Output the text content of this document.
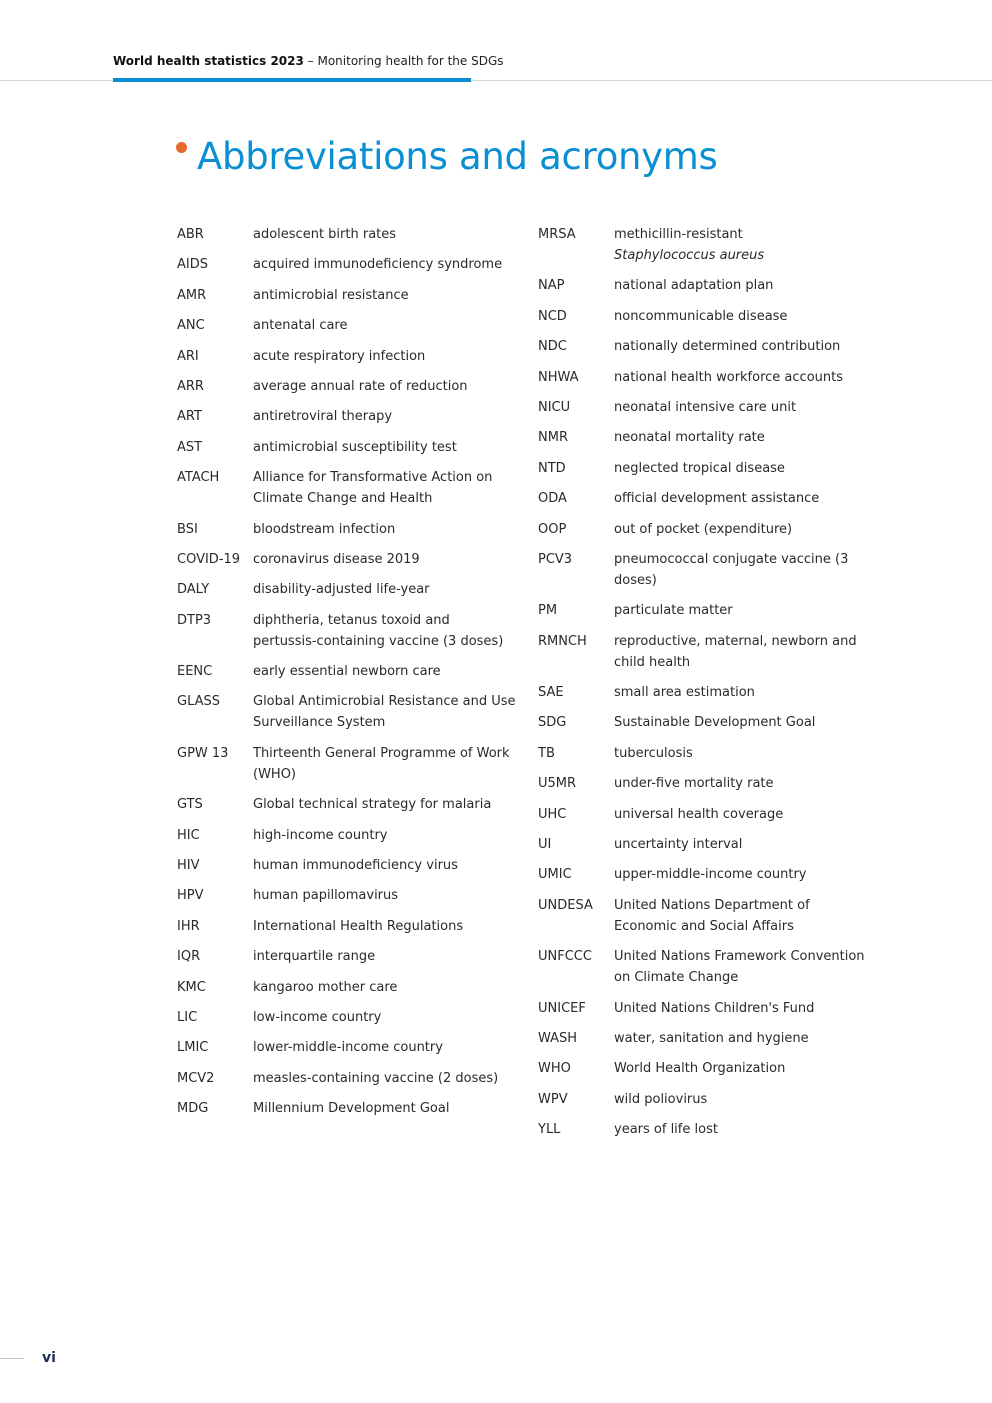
World health statistics 2023 – Monitoring health for the SDGs
Abbreviations and acronyms
ABR	adolescent birth rates
AIDS	acquired immunodeficiency syndrome
AMR	antimicrobial resistance
ANC	antenatal care
ARI	acute respiratory infection
ARR	average annual rate of reduction
ART	antiretroviral therapy
AST	antimicrobial susceptibility test
ATACH	Alliance for Transformative Action on Climate Change and Health
BSI	bloodstream infection
COVID-19 coronavirus disease 2019
DALY	disability-adjusted life-year
DTP3	diphtheria, tetanus toxoid and pertussis-containing vaccine (3 doses)
EENC	early essential newborn care
GLASS	Global Antimicrobial Resistance and Use Surveillance System
GPW 13	Thirteenth General Programme of Work (WHO)
GTS	Global technical strategy for malaria
HIC	high-income country
HIV	human immunodeficiency virus
HPV	human papillomavirus
IHR	International Health Regulations
IQR	interquartile range
KMC	kangaroo mother care
LIC	low-income country
LMIC	lower-middle-income country
MCV2	measles-containing vaccine (2 doses)
MDG	Millennium Development Goal
MRSA	methicillin-resistant
Staphylococcus aureus
NAP	national adaptation plan
NCD	noncommunicable disease
NDC	nationally determined contribution
NHWA	national health workforce accounts
NICU	neonatal intensive care unit
NMR	neonatal mortality rate
NTD	neglected tropical disease
ODA	official development assistance
OOP	out of pocket (expenditure)
PCV3	pneumococcal conjugate vaccine (3 doses)
PM	particulate matter
RMNCH	reproductive, maternal, newborn and child health
SAE	small area estimation
SDG	Sustainable Development Goal
TB	tuberculosis
U5MR	under-five mortality rate
UHC	universal health coverage
UI	uncertainty interval
UMIC	upper-middle-income country
UNDESA	United Nations Department of Economic and Social Affairs
UNFCCC	United Nations Framework Convention on Climate Change
UNICEF	United Nations Children's Fund
WASH	water, sanitation and hygiene
WHO	World Health Organization
WPV	wild poliovirus
YLL	years of life lost
vi
